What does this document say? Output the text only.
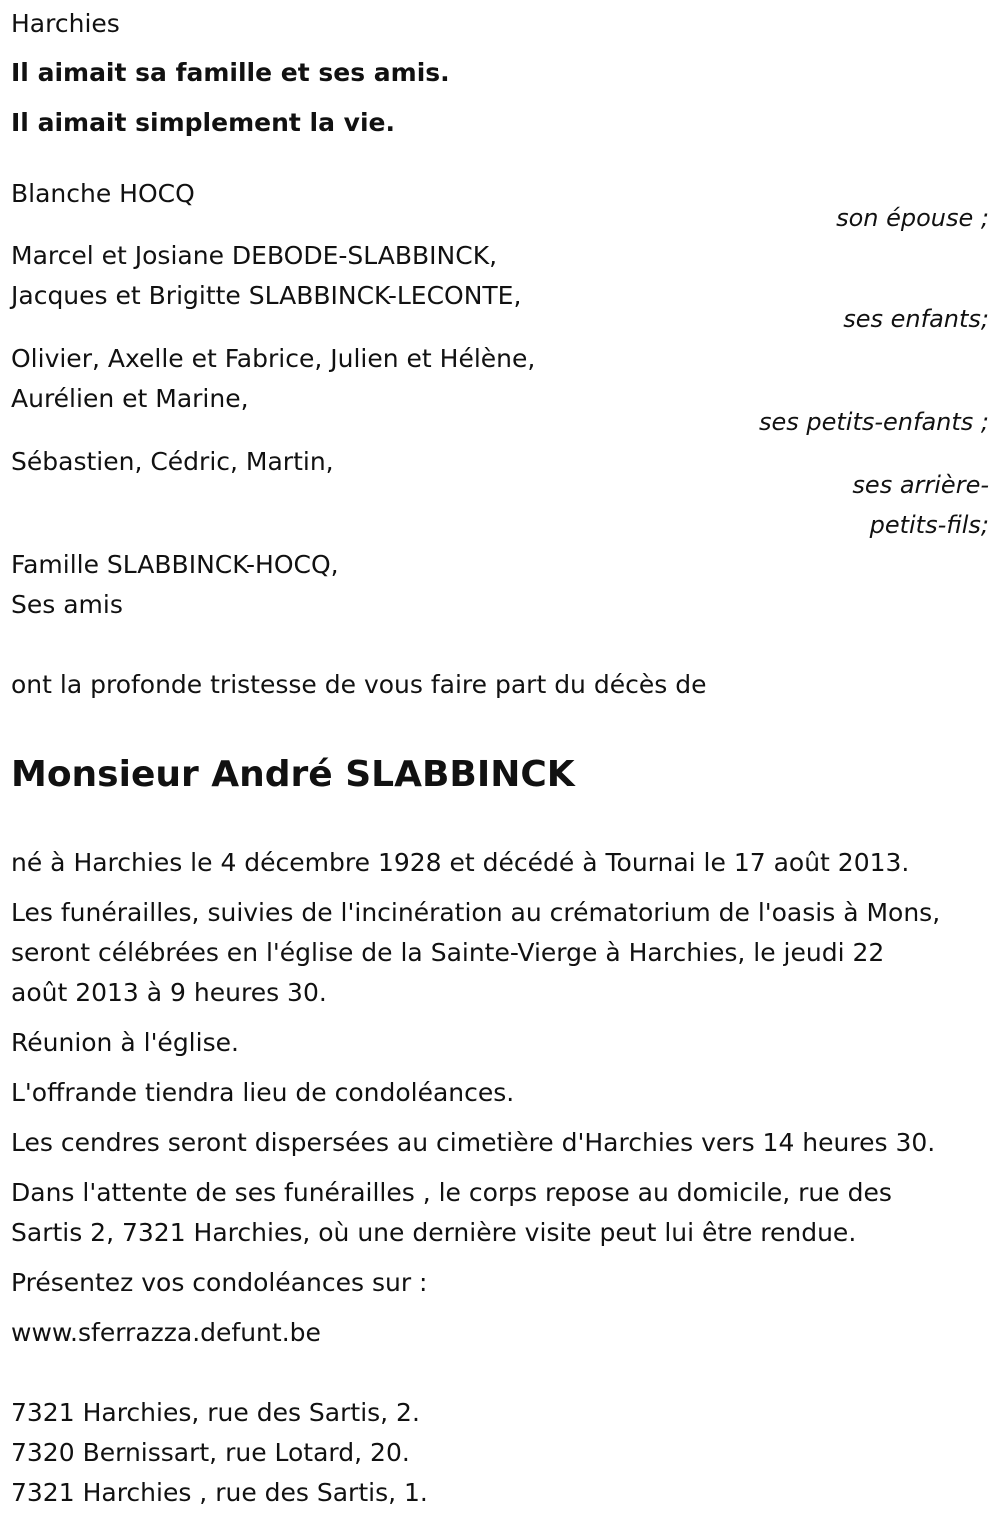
Harchies
Il aimait sa famille et ses amis.
Il aimait simplement la vie.
Blanche HOCQ
son épouse ;
Marcel et Josiane DEBODE-SLABBINCK,
Jacques et Brigitte SLABBINCK-LECONTE,
ses enfants;
Olivier, Axelle et Fabrice, Julien et Hélène,
Aurélien et Marine,
ses petits-enfants ;
Sébastien, Cédric, Martin,
ses arrière-
petits-fils;
Famille SLABBINCK-HOCQ,
Ses amis
ont la profonde tristesse de vous faire part du décès de
Monsieur André SLABBINCK
né à Harchies le 4 décembre 1928 et décédé à Tournai le 17 août 2013.
Les funérailles, suivies de l'incinération au crématorium de l'oasis à Mons,
seront célébrées en l'église de la Sainte-Vierge à Harchies, le jeudi 22
août 2013 à 9 heures 30.
Réunion à l'église.
L'offrande tiendra lieu de condoléances.
Les cendres seront dispersées au cimetière d'Harchies vers 14 heures 30.
Dans l'attente de ses funérailles , le corps repose au domicile, rue des
Sartis 2, 7321 Harchies, où une dernière visite peut lui être rendue.
Présentez vos condoléances sur :
www.sferrazza.defunt.be
7321 Harchies, rue des Sartis, 2.
7320 Bernissart, rue Lotard, 20.
7321 Harchies , rue des Sartis, 1.
